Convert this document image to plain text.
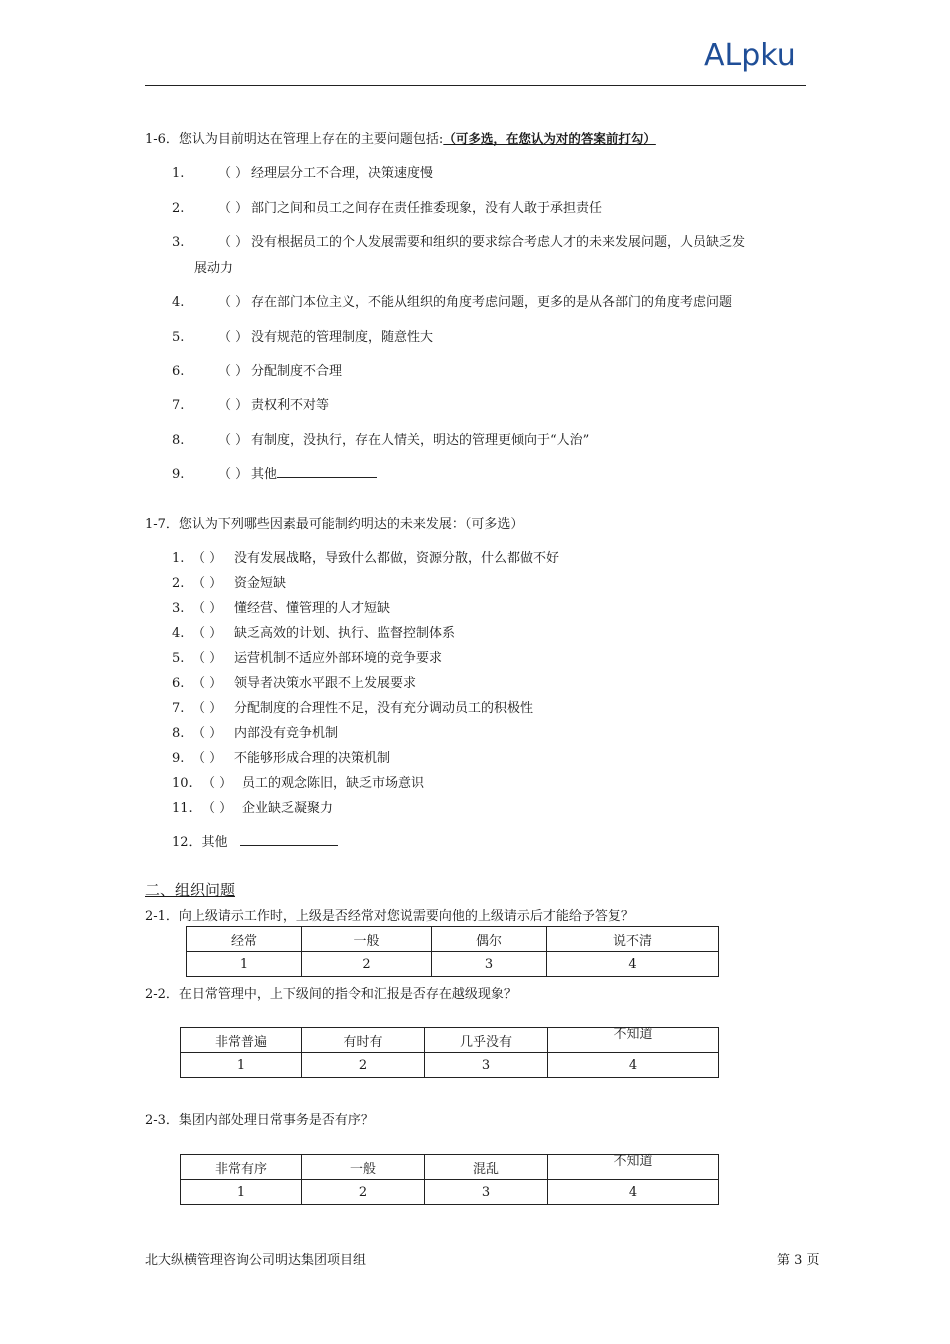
ALpku
1-6．您认为目前明达在管理上存在的主要问题包括:（可多选，在您认为对的答案前打勾）
1.	（ ） 经理层分工不合理，决策速度慢
2.	（ ） 部门之间和员工之间存在责任推委现象，没有人敢于承担责任
3.	（ ） 没有根据员工的个人发展需要和组织的要求综合考虑人才的未来发展问题，人员缺乏发
展动力
4.	（ ） 存在部门本位主义，不能从组织的角度考虑问题，更多的是从各部门的角度考虑问题
5.	（ ） 没有规范的管理制度，随意性大
6.	（ ） 分配制度不合理
7.	（ ） 责权利不对等
8.	（ ） 有制度，没执行，存在人情关，明达的管理更倾向于“人治”
9.	（ ） 其他
1-7．您认为下列哪些因素最可能制约明达的未来发展：（可多选）
1. （ ） 没有发展战略，导致什么都做，资源分散，什么都做不好
2. （ ） 资金短缺
3. （ ） 懂经营、懂管理的人才短缺
4. （ ） 缺乏高效的计划、执行、监督控制体系
5. （ ） 运营机制不适应外部环境的竞争要求
6. （ ） 领导者决策水平跟不上发展要求
7. （ ） 分配制度的合理性不足，没有充分调动员工的积极性
8. （ ） 内部没有竞争机制
9. （ ） 不能够形成合理的决策机制
10. （ ） 员工的观念陈旧，缺乏市场意识
11. （ ） 企业缺乏凝聚力
12．其他
二、组织问题
2-1．向上级请示工作时，上级是否经常对您说需要向他的上级请示后才能给予答复？
经常	一般	偶尔	说不清
1	2	3	4
2-2．在日常管理中，上下级间的指令和汇报是否存在越级现象？
非常普遍	有时有	几乎没有	不知道
1	2	3	4
2-3．集团内部处理日常事务是否有序？
非常有序	一般	混乱	不知道
1	2	3	4
北大纵横管理咨询公司明达集团项目组	第 3 页
